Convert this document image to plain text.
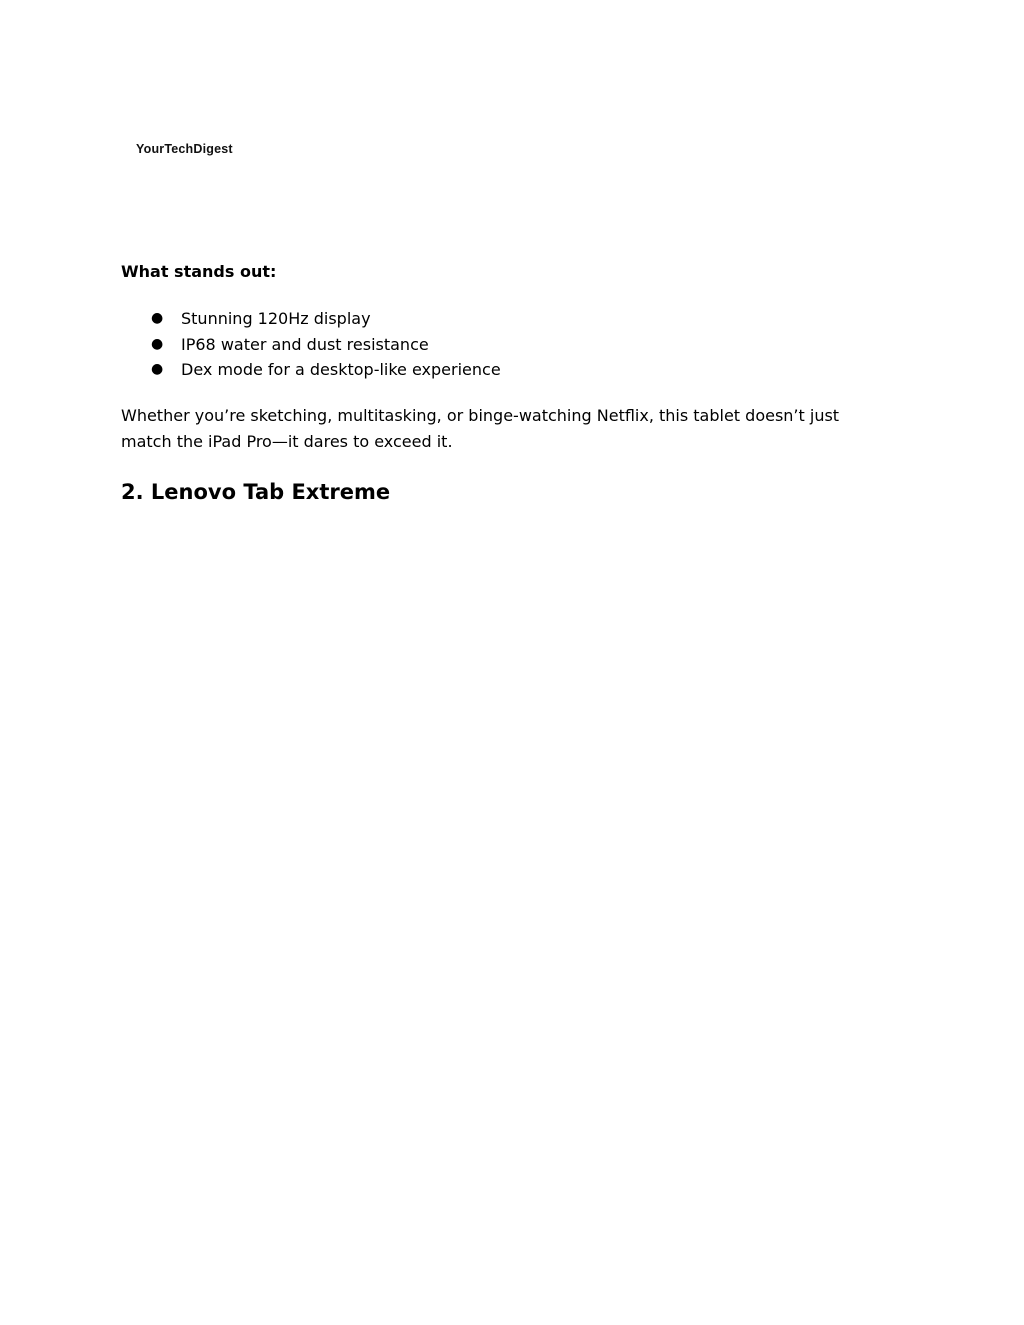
YourTechDigest

What stands out:

● Stunning 120Hz display
● IP68 water and dust resistance
● Dex mode for a desktop-like experience

Whether you’re sketching, multitasking, or binge-watching Netflix, this tablet doesn’t just match the iPad Pro—it dares to exceed it.

2. Lenovo Tab Extreme
